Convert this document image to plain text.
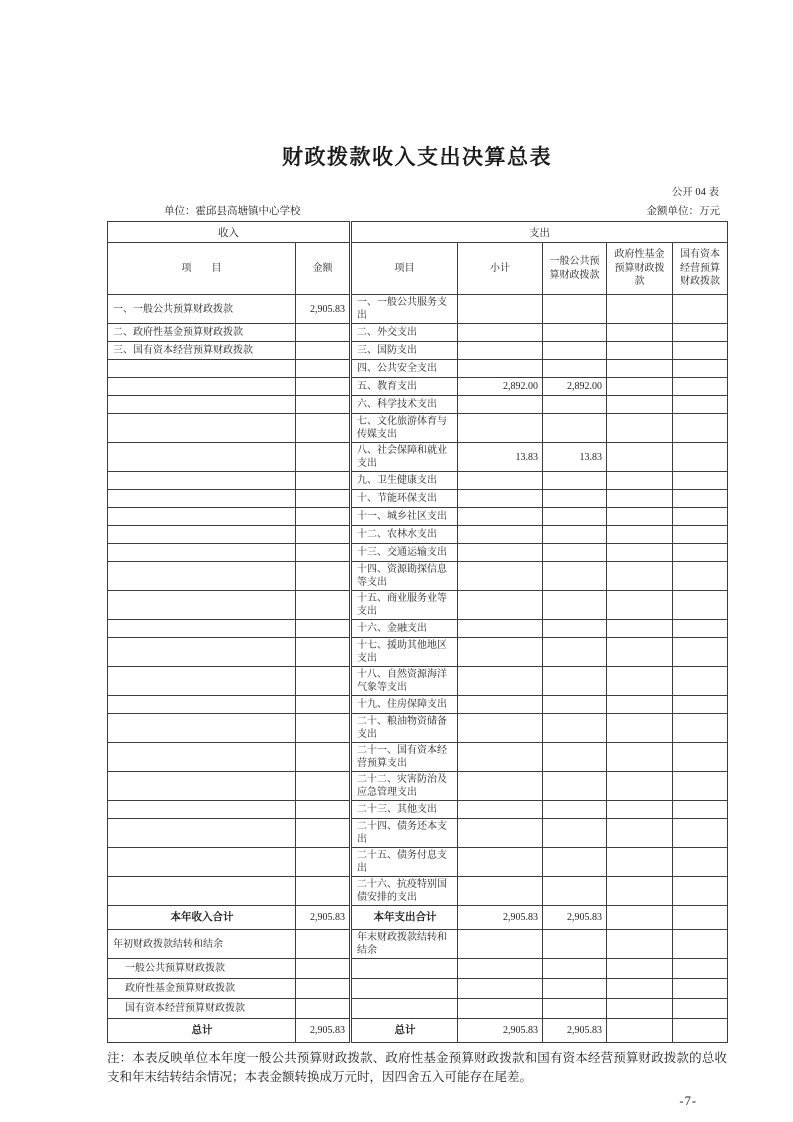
财政拨款收入支出决算总表
公开 04 表
单位：霍邱县高塘镇中心学校	金额单位：万元
收入		支出				
项　　目	金额	项目	小计	一般公共预算财政拨款	政府性基金预算财政拨款	国有资本经营预算财政拨款
一、一般公共预算财政拨款	2,905.83	一、一般公共服务支出				
二、政府性基金预算财政拨款		二、外交支出				
三、国有资本经营预算财政拨款		三、国防支出				
		四、公共安全支出				
		五、教育支出	2,892.00	2,892.00		
		六、科学技术支出				
		七、文化旅游体育与传媒支出				
		八、社会保障和就业支出	13.83	13.83		
		九、卫生健康支出				
		十、节能环保支出				
		十一、城乡社区支出				
		十二、农林水支出				
		十三、交通运输支出				
		十四、资源勘探信息等支出				
		十五、商业服务业等支出				
		十六、金融支出				
		十七、援助其他地区支出				
		十八、自然资源海洋气象等支出				
		十九、住房保障支出				
		二十、粮油物资储备支出				
		二十一、国有资本经营预算支出				
		二十二、灾害防治及应急管理支出				
		二十三、其他支出				
		二十四、债务还本支出				
		二十五、债务付息支出				
		二十六、抗疫特别国债安排的支出				
本年收入合计	2,905.83	本年支出合计	2,905.83	2,905.83		
年初财政拨款结转和结余		年末财政拨款结转和结余				
一般公共预算财政拨款						
政府性基金预算财政拨款						
国有资本经营预算财政拨款						
总计	2,905.83	总计	2,905.83	2,905.83		
注：本表反映单位本年度一般公共预算财政拨款、政府性基金预算财政拨款和国有资本经营预算财政拨款的总收支和年末结转结余情况；本表金额转换成万元时，因四舍五入可能存在尾差。
-7-
